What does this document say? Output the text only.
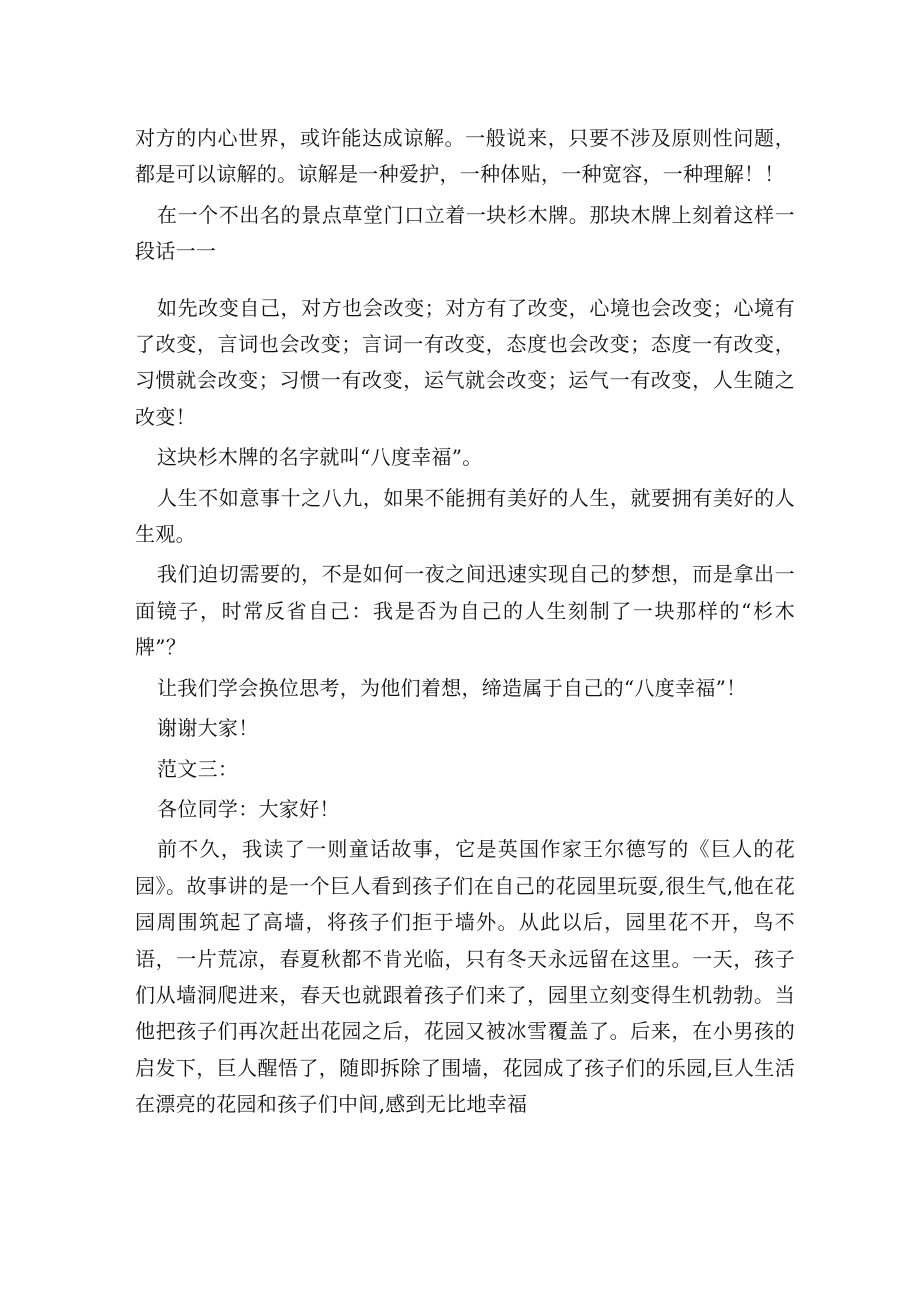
对方的内心世界，或许能达成谅解。一般说来，只要不涉及原则性问题，都是可以谅解的。谅解是一种爱护，一种体贴，一种宽容，一种理解！！

在一个不出名的景点草堂门口立着一块杉木牌。那块木牌上刻着这样一段话一一

如先改变自己，对方也会改变；对方有了改变，心境也会改变；心境有了改变，言词也会改变；言词一有改变，态度也会改变；态度一有改变，习惯就会改变；习惯一有改变，运气就会改变；运气一有改变，人生随之改变！

这块杉木牌的名字就叫“八度幸福”。

人生不如意事十之八九，如果不能拥有美好的人生，就要拥有美好的人生观。

我们迫切需要的，不是如何一夜之间迅速实现自己的梦想，而是拿出一面镜子，时常反省自己：我是否为自己的人生刻制了一块那样的“杉木牌”？

让我们学会换位思考，为他们着想，缔造属于自己的“八度幸福”！

谢谢大家！

范文三：

各位同学：大家好！

前不久，我读了一则童话故事，它是英国作家王尔德写的《巨人的花园》。故事讲的是一个巨人看到孩子们在自己的花园里玩耍,很生气,他在花园周围筑起了高墙，将孩子们拒于墙外。从此以后，园里花不开，鸟不语，一片荒凉，春夏秋都不肯光临，只有冬天永远留在这里。一天，孩子们从墙洞爬进来，春天也就跟着孩子们来了，园里立刻变得生机勃勃。当他把孩子们再次赶出花园之后，花园又被冰雪覆盖了。后来，在小男孩的启发下，巨人醒悟了，随即拆除了围墙，花园成了孩子们的乐园,巨人生活在漂亮的花园和孩子们中间,感到无比地幸福
